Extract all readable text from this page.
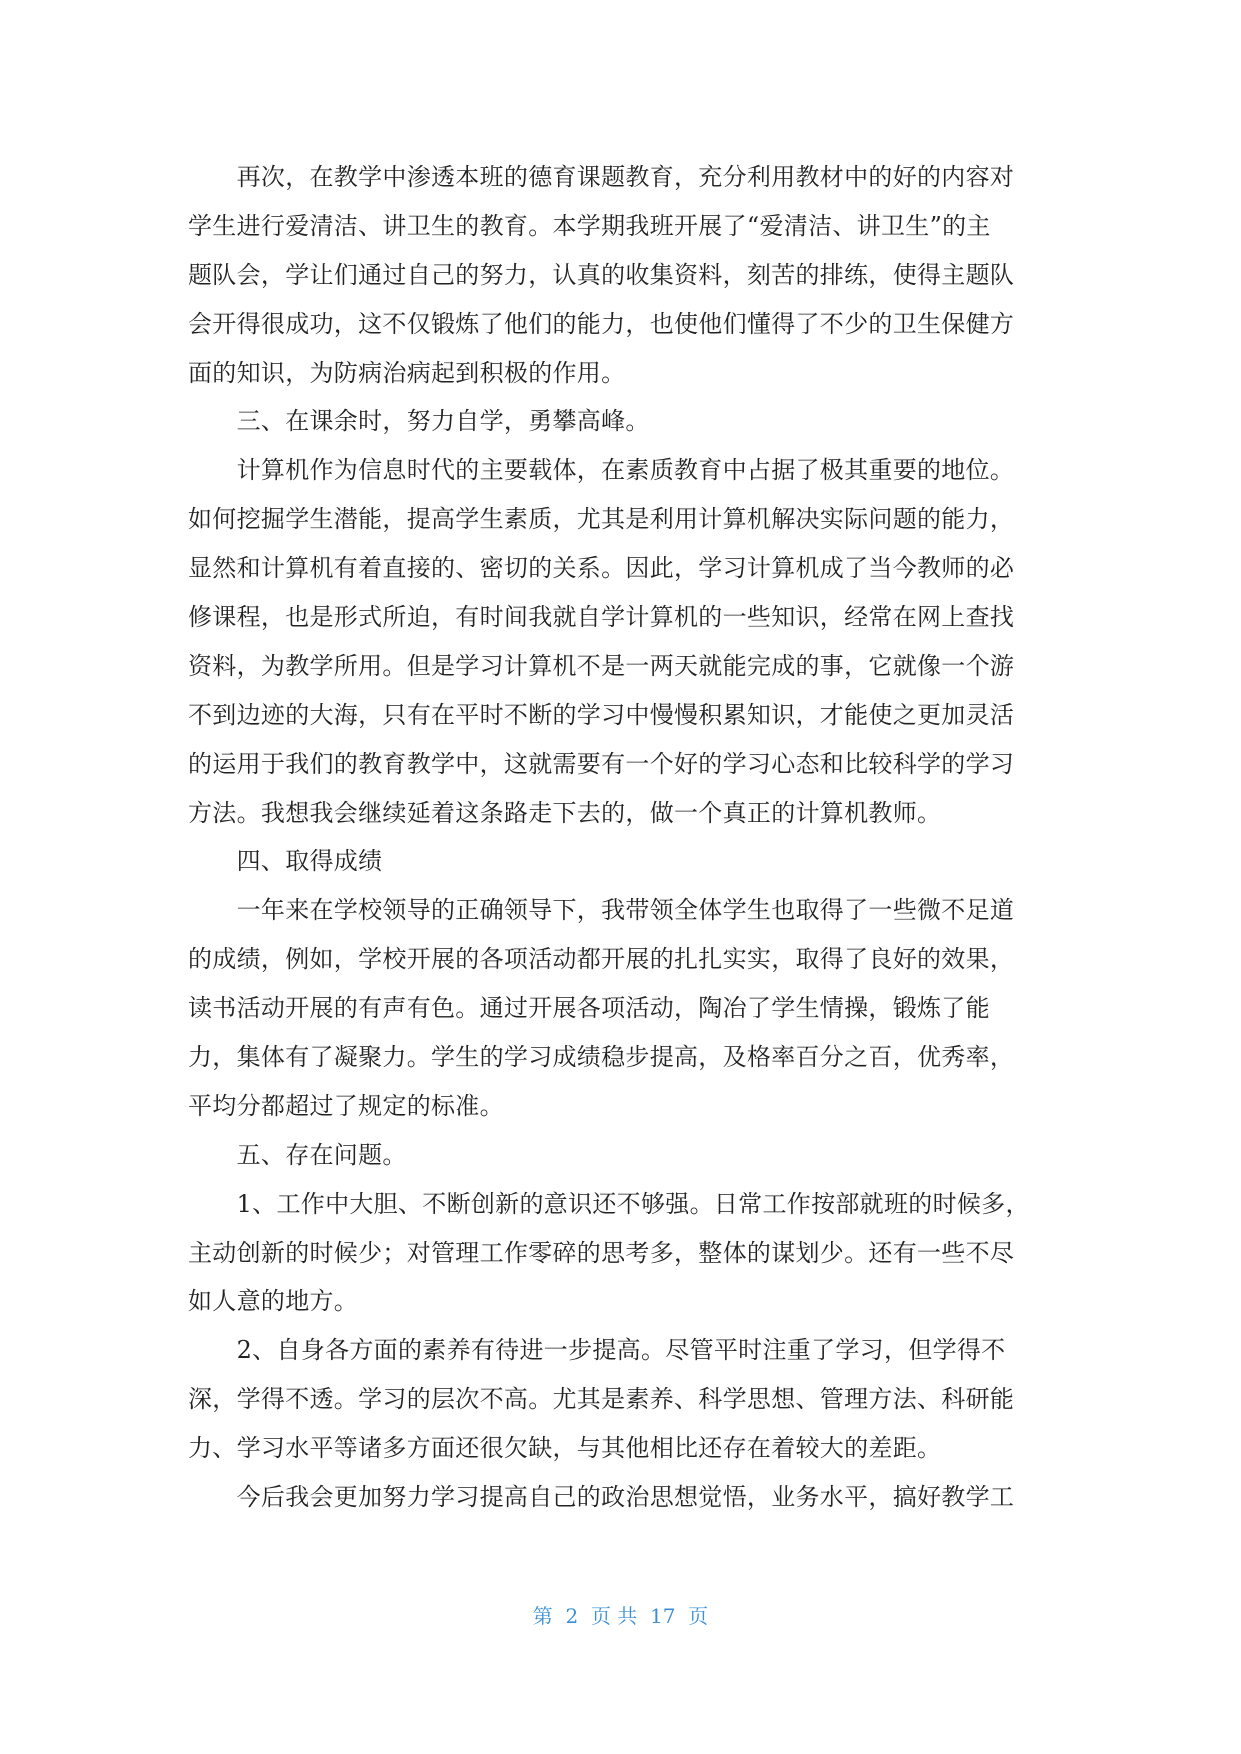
　　再次，在教学中渗透本班的德育课题教育，充分利用教材中的好的内容对
学生进行爱清洁、讲卫生的教育。本学期我班开展了“爱清洁、讲卫生”的主
题队会，学让们通过自己的努力，认真的收集资料，刻苦的排练，使得主题队
会开得很成功，这不仅锻炼了他们的能力，也使他们懂得了不少的卫生保健方
面的知识，为防病治病起到积极的作用。
　　三、在课余时，努力自学，勇攀高峰。
　　计算机作为信息时代的主要载体，在素质教育中占据了极其重要的地位。
如何挖掘学生潜能，提高学生素质，尤其是利用计算机解决实际问题的能力，
显然和计算机有着直接的、密切的关系。因此，学习计算机成了当今教师的必
修课程，也是形式所迫，有时间我就自学计算机的一些知识，经常在网上查找
资料，为教学所用。但是学习计算机不是一两天就能完成的事，它就像一个游
不到边迹的大海，只有在平时不断的学习中慢慢积累知识，才能使之更加灵活
的运用于我们的教育教学中，这就需要有一个好的学习心态和比较科学的学习
方法。我想我会继续延着这条路走下去的，做一个真正的计算机教师。
　　四、取得成绩
　　一年来在学校领导的正确领导下，我带领全体学生也取得了一些微不足道
的成绩，例如，学校开展的各项活动都开展的扎扎实实，取得了良好的效果，
读书活动开展的有声有色。通过开展各项活动，陶冶了学生情操，锻炼了能
力，集体有了凝聚力。学生的学习成绩稳步提高，及格率百分之百，优秀率，
平均分都超过了规定的标准。
　　五、存在问题。
　　1、工作中大胆、不断创新的意识还不够强。日常工作按部就班的时候多，
主动创新的时候少；对管理工作零碎的思考多，整体的谋划少。还有一些不尽
如人意的地方。
　　2、自身各方面的素养有待进一步提高。尽管平时注重了学习，但学得不
深，学得不透。学习的层次不高。尤其是素养、科学思想、管理方法、科研能
力、学习水平等诸多方面还很欠缺，与其他相比还存在着较大的差距。
　　今后我会更加努力学习提高自己的政治思想觉悟，业务水平，搞好教学工
第  2  页 共  17  页
